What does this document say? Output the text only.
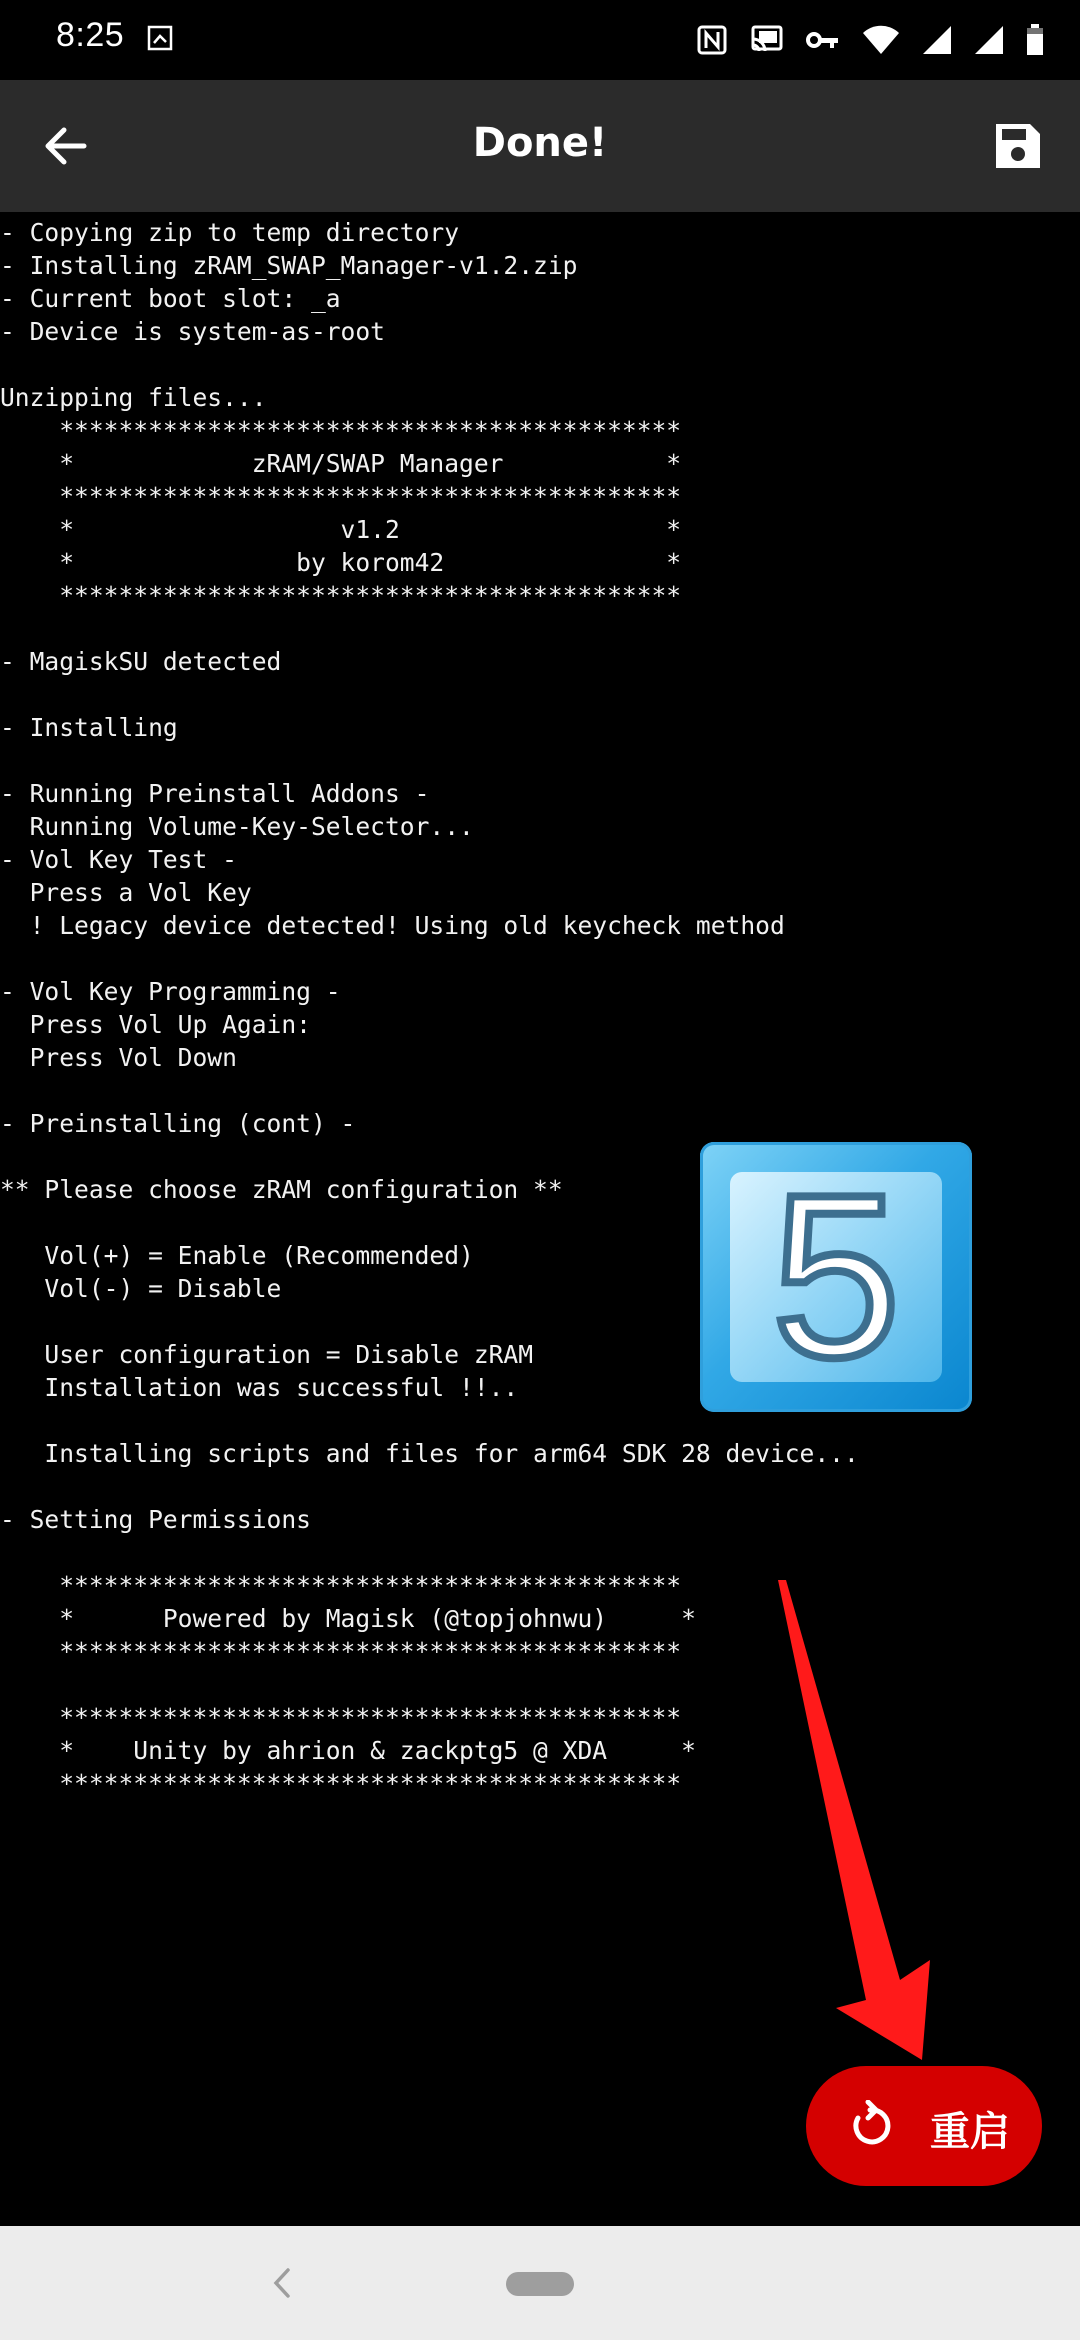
8:25
Done!
- Copying zip to temp directory
- Installing zRAM_SWAP_Manager-v1.2.zip
- Current boot slot: _a
- Device is system-as-root
Unzipping files...
******************************************
*            zRAM/SWAP Manager           *
******************************************
*                  v1.2                  *
*               by korom42               *
******************************************
- MagiskSU detected
- Installing
- Running Preinstall Addons -
Running Volume-Key-Selector...
- Vol Key Test -
Press a Vol Key
! Legacy device detected! Using old keycheck method
- Vol Key Programming -
Press Vol Up Again:
Press Vol Down
- Preinstalling (cont) -
** Please choose zRAM configuration **
Vol(+) = Enable (Recommended)
Vol(-) = Disable
User configuration = Disable zRAM
Installation was successful !!..
Installing scripts and files for arm64 SDK 28 device...
- Setting Permissions
******************************************
*      Powered by Magisk (@topjohnwu)     *
******************************************
******************************************
*    Unity by ahrion & zackptg5 @ XDA     *
******************************************
5
重启
